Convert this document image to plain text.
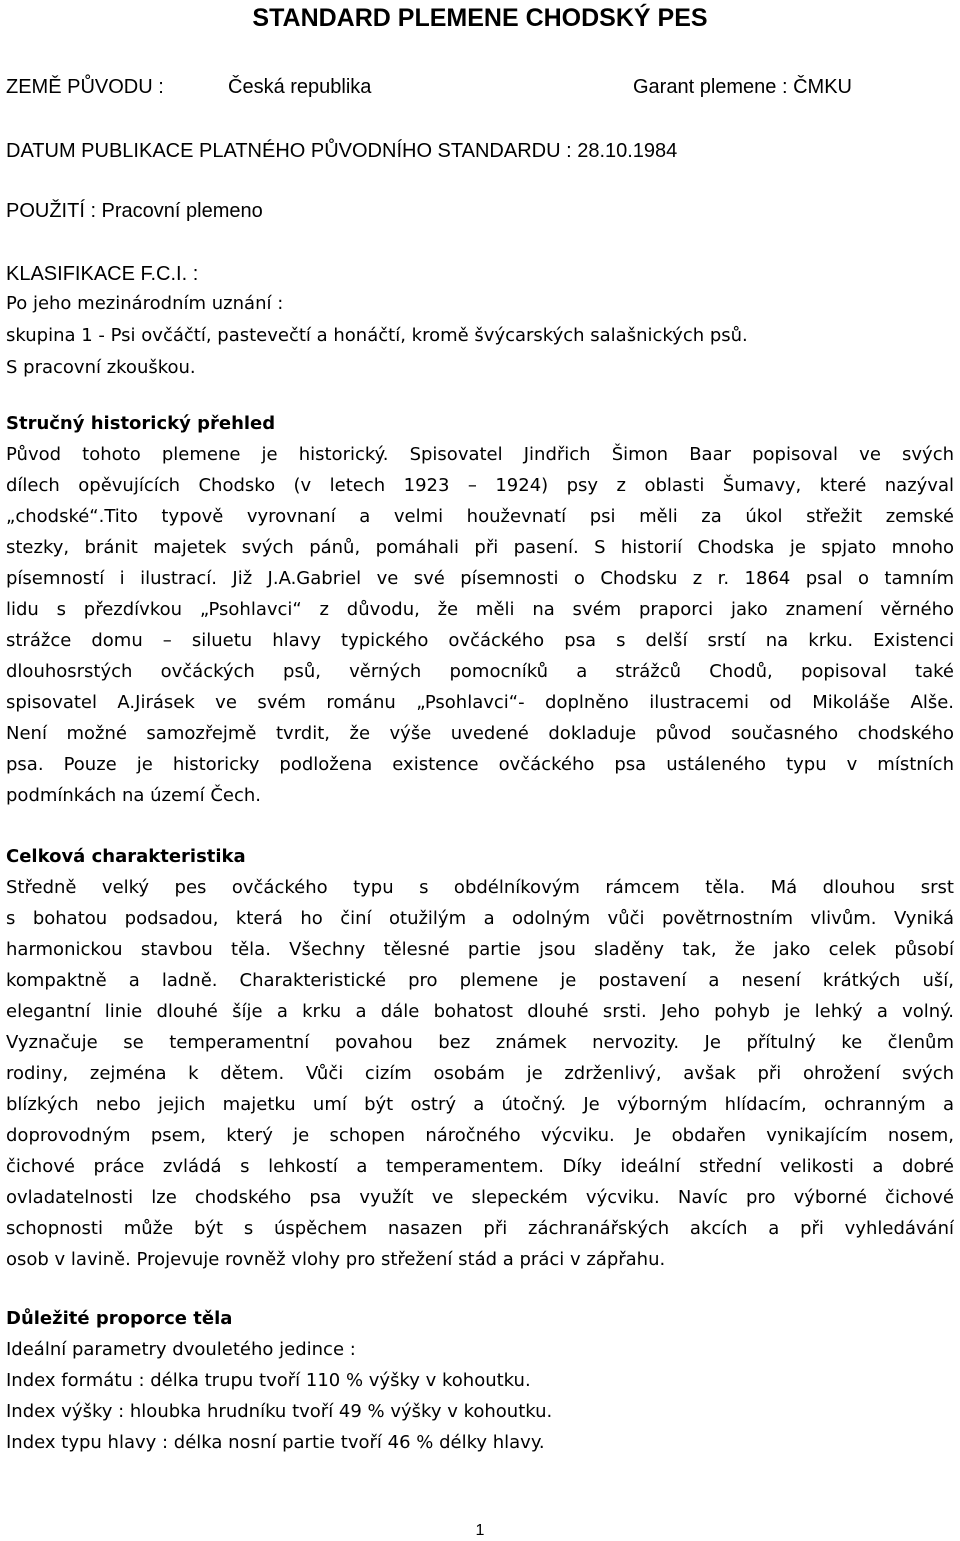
STANDARD PLEMENE CHODSKÝ PES
ZEMĚ PŮVODU :	Česká republika	Garant plemene : ČMKU
DATUM PUBLIKACE PLATNÉHO PŮVODNÍHO STANDARDU : 28.10.1984
POUŽITÍ : Pracovní plemeno
KLASIFIKACE F.C.I. :
Po jeho mezinárodním uznání :
skupina 1 - Psi ovčáčtí, pastevečtí a honáčtí, kromě švýcarských salašnických psů.
S pracovní zkouškou.
Stručný historický přehled
Původ tohoto plemene je historický. Spisovatel Jindřich Šimon Baar popisoval ve svých
dílech opěvujících Chodsko (v letech 1923 – 1924) psy z oblasti Šumavy, které nazýval
„chodské“.Tito typově vyrovnaní a velmi houževnatí psi měli za úkol střežit zemské
stezky, bránit majetek svých pánů, pomáhali při pasení. S historií Chodska je spjato mnoho
písemností i ilustrací. Již J.A.Gabriel ve své písemnosti o Chodsku z r. 1864 psal o tamním
lidu s přezdívkou „Psohlavci“ z důvodu, že měli na svém praporci jako znamení věrného
strážce domu – siluetu hlavy typického ovčáckého psa s delší srstí na krku. Existenci
dlouhosrstých ovčáckých psů, věrných pomocníků a strážců Chodů, popisoval také
spisovatel A.Jirásek ve svém románu „Psohlavci“- doplněno ilustracemi od Mikoláše Alše.
Není možné samozřejmě tvrdit, že výše uvedené dokladuje původ současného chodského
psa. Pouze je historicky podložena existence ovčáckého psa ustáleného typu v místních
podmínkách na území Čech.
Celková charakteristika
Středně velký pes ovčáckého typu s obdélníkovým rámcem těla. Má dlouhou srst
s bohatou podsadou, která ho činí otužilým a odolným vůči povětrnostním vlivům. Vyniká
harmonickou stavbou těla. Všechny tělesné partie jsou sladěny tak, že jako celek působí
kompaktně a ladně. Charakteristické pro plemene je postavení a nesení krátkých uší,
elegantní linie dlouhé šíje a krku a dále bohatost dlouhé srsti. Jeho pohyb je lehký a volný.
Vyznačuje se temperamentní povahou bez známek nervozity. Je přítulný ke členům
rodiny, zejména k dětem. Vůči cizím osobám je zdrženlivý, avšak při ohrožení svých
blízkých nebo jejich majetku umí být ostrý a útočný. Je výborným hlídacím, ochranným a
doprovodným psem, který je schopen náročného výcviku. Je obdařen vynikajícím nosem,
čichové práce zvládá s lehkostí a temperamentem. Díky ideální střední velikosti a dobré
ovladatelnosti lze chodského psa využít ve slepeckém výcviku. Navíc pro výborné čichové
schopnosti může být s úspěchem nasazen při záchranářských akcích a při vyhledávání
osob v lavině. Projevuje rovněž vlohy pro střežení stád a práci v zápřahu.
Důležité proporce těla
Ideální parametry dvouletého jedince :
Index formátu : délka trupu tvoří 110 % výšky v kohoutku.
Index výšky : hloubka hrudníku tvoří 49 % výšky v kohoutku.
Index typu hlavy : délka nosní partie tvoří 46 % délky hlavy.
1
